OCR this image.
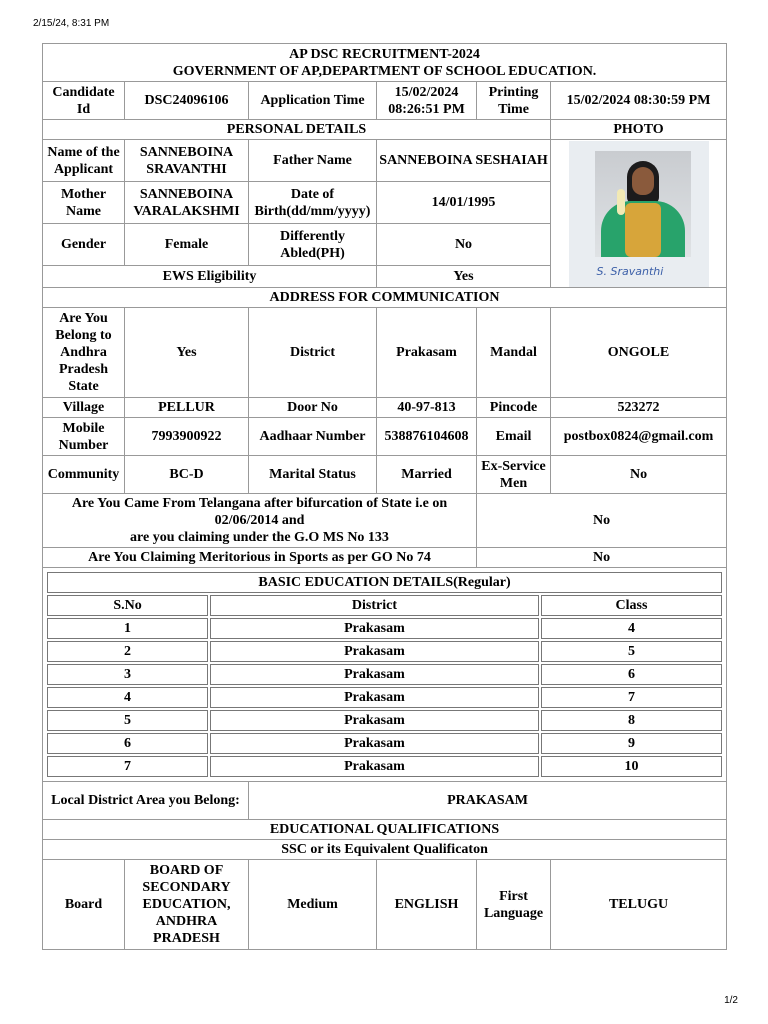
2/15/24, 8:31 PM
AP DSC RECRUITMENT-2024
GOVERNMENT OF AP,DEPARTMENT OF SCHOOL EDUCATION.

Candidate Id	DSC24096106	Application Time	15/02/2024 08:26:51 PM	Printing Time	15/02/2024 08:30:59 PM
PERSONAL DETAILS	PHOTO
Name of the Applicant	SANNEBOINA SRAVANTHI	Father Name	SANNEBOINA SESHAIAH	
S. Sravanthi

Mother Name	SANNEBOINA VARALAKSHMI	Date of Birth(dd/mm/yyyy)	14/01/1995
Gender	Female	Differently Abled(PH)	No
EWS Eligibility	Yes
ADDRESS FOR COMMUNICATION
Are You Belong to Andhra Pradesh State	Yes	District	Prakasam	Mandal	ONGOLE
Village	PELLUR	Door No	40-97-813	Pincode	523272
Mobile Number	7993900922	Aadhaar Number	538876104608	Email	postbox0824@gmail.com
Community	BC-D	Marital Status	Married	Ex-Service Men	No

Are You Came From Telangana after bifurcation of State i.e on 02/06/2014 and
are you claiming under the G.O MS No 133
	No
Are You Claiming Meritorious in Sports as per GO No 74	No

BASIC EDUCATION DETAILS(Regular)
S.No	District	Class
1	Prakasam	4
2	Prakasam	5
3	Prakasam	6
4	Prakasam	7
5	Prakasam	8
6	Prakasam	9
7	Prakasam	10

Local District Area you Belong:	PRAKASAM
EDUCATIONAL QUALIFICATIONS
SSC or its Equivalent Qualificaton
Board	BOARD OF SECONDARY EDUCATION, ANDHRA PRADESH	Medium	ENGLISH	First Language	TELUGU
1/2
